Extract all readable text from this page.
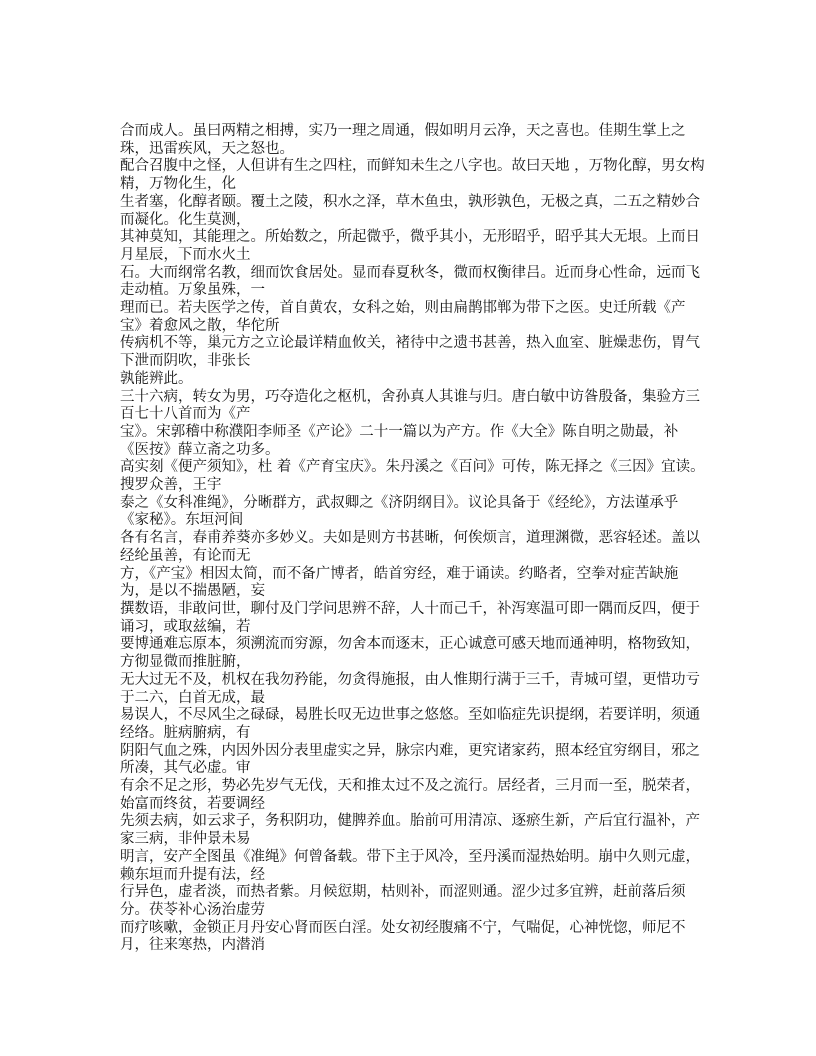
合而成人。虽曰两精之相搏，实乃一理之周通，假如明月云净，天之喜也。佳期生掌上之珠，迅雷疾风，天之怒也。

配合召腹中之怪，人但讲有生之四柱，而鲜知未生之八字也。故曰天地 ，万物化醇，男女构精，万物化生，化

生者塞，化醇者颐。覆土之陵，积水之泽，草木鱼虫，孰形孰色，无极之真，二五之精妙合而凝化。化生莫测，

其神莫知，其能理之。所始数之，所起微乎，微乎其小，无形昭乎，昭乎其大无垠。上而日月星辰，下而水火土

石。大而纲常名教，细而饮食居处。显而春夏秋冬，微而权衡律吕。近而身心性命，远而飞走动植。万象虽殊，一

理而已。若夫医学之传，首自黄农，女科之始，则由扁鹊邯郸为带下之医。史迁所载《产宝》着愈风之散，华佗所

传病机不等，巢元方之立论最详精血攸关，褚待中之遗书甚善，热入血室、脏燥悲伤，胃气下泄而阴吹，非张长

孰能辨此。

三十六病，转女为男，巧夺造化之枢机，舍孙真人其谁与归。唐白敏中访昝殷备，集验方三百七十八首而为《产

宝》。宋郭稽中称濮阳李师圣《产论》二十一篇以为产方。作《大全》陈自明之勋最，补《医按》薛立斋之功多。

高实刻《便产须知》，杜 着《产育宝庆》。朱丹溪之《百问》可传，陈无择之《三因》宜读。搜罗众善，王宇

泰之《女科准绳》，分晰群方，武叔卿之《济阴纲目》。议论具备于《经纶》，方法谨承乎《家秘》。东垣河间

各有名言，春甫养葵亦多妙义。夫如是则方书甚晰，何俟烦言，道理渊微，恶容轻述。盖以经纶虽善，有论而无

方，《产宝》相因太简，而不备广博者，皓首穷经，难于诵读。约略者，空拳对症苦缺施为，是以不揣愚陋，妄

撰数语，非敢问世，聊付及门学问思辨不辞，人十而己千，补泻寒温可即一隅而反四，便于诵习，或取兹编，若

要博通难忘原本，须溯流而穷源，勿舍本而逐末，正心诚意可感天地而通神明，格物致知，方彻显微而推脏腑，

无大过无不及，机权在我勿矜能，勿贪得施报，由人惟期行满于三千，青城可望，更惜功亏于二六，白首无成，最

易误人，不尽风尘之碌碌，曷胜长叹无边世事之悠悠。至如临症先识提纲，若要详明，须通经络。脏病腑病，有

阴阳气血之殊，内因外因分表里虚实之异，脉宗内难，更究诸家药，照本经宜穷纲目，邪之所凑，其气必虚。审

有余不足之形，势必先岁气无伐，天和推太过不及之流行。居经者，三月而一至，脱荣者，始富而终贫，若要调经

先须去病，如云求子，务积阴功，健脾养血。胎前可用清凉、逐瘀生新，产后宜行温补，产家三病，非仲景未易

明言，安产全图虽《准绳》何曾备载。带下主于风冷，至丹溪而湿热始明。崩中久则元虚，赖东垣而升提有法，经

行异色，虚者淡，而热者紫。月候愆期，枯则补，而涩则通。涩少过多宜辨，赶前落后须分。茯苓补心汤治虚劳

而疗咳嗽，金锁正月丹安心肾而医白淫。处女初经腹痛不宁，气喘促，心神恍惚，师尼不月，往来寒热，内潜消
